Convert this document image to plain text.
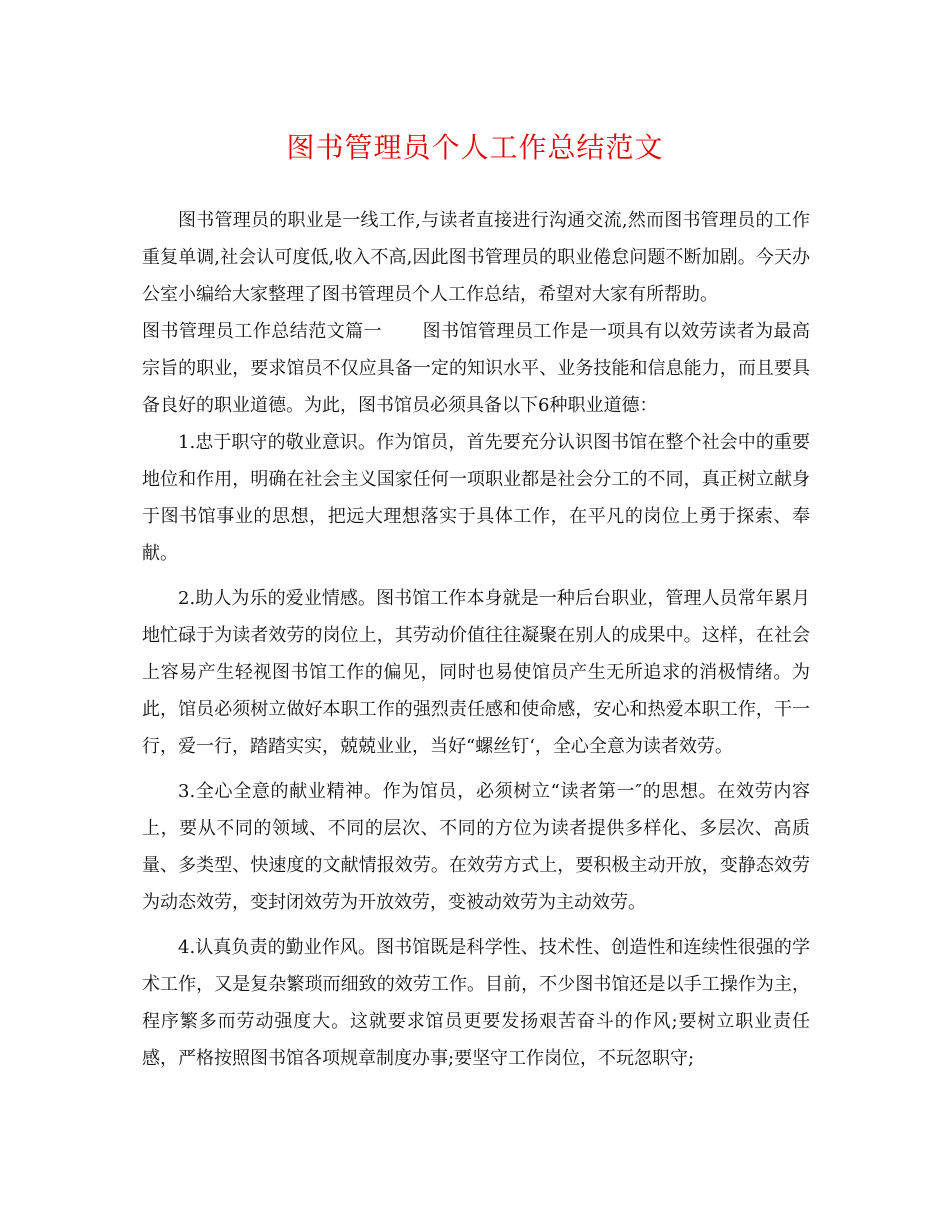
图书管理员个人工作总结范文

图书管理员的职业是一线工作,与读者直接进行沟通交流,然而图书管理员的工作重复单调,社会认可度低,收入不高,因此图书管理员的职业倦怠问题不断加剧。今天办公室小编给大家整理了图书管理员个人工作总结，希望对大家有所帮助。

图书管理员工作总结范文篇一 图书馆管理员工作是一项具有以效劳读者为最高宗旨的职业，要求馆员不仅应具备一定的知识水平、业务技能和信息能力，而且要具备良好的职业道德。为此，图书馆员必须具备以下6种职业道德：

1.忠于职守的敬业意识。作为馆员，首先要充分认识图书馆在整个社会中的重要地位和作用，明确在社会主义国家任何一项职业都是社会分工的不同，真正树立献身于图书馆事业的思想，把远大理想落实于具体工作，在平凡的岗位上勇于探索、奉献。

2.助人为乐的爱业情感。图书馆工作本身就是一种后台职业，管理人员常年累月地忙碌于为读者效劳的岗位上，其劳动价值往往凝聚在别人的成果中。这样，在社会上容易产生轻视图书馆工作的偏见，同时也易使馆员产生无所追求的消极情绪。为此，馆员必须树立做好本职工作的强烈责任感和使命感，安心和热爱本职工作，干一行，爱一行，踏踏实实，兢兢业业，当好“螺丝钉‘，全心全意为读者效劳。

3.全心全意的献业精神。作为馆员，必须树立“读者第一″的思想。在效劳内容上，要从不同的领域、不同的层次、不同的方位为读者提供多样化、多层次、高质量、多类型、快速度的文献情报效劳。在效劳方式上，要积极主动开放，变静态效劳为动态效劳，变封闭效劳为开放效劳，变被动效劳为主动效劳。

4.认真负责的勤业作风。图书馆既是科学性、技术性、创造性和连续性很强的学术工作，又是复杂繁琐而细致的效劳工作。目前，不少图书馆还是以手工操作为主，程序繁多而劳动强度大。这就要求馆员更要发扬艰苦奋斗的作风;要树立职业责任感，严格按照图书馆各项规章制度办事;要坚守工作岗位，不玩忽职守;
